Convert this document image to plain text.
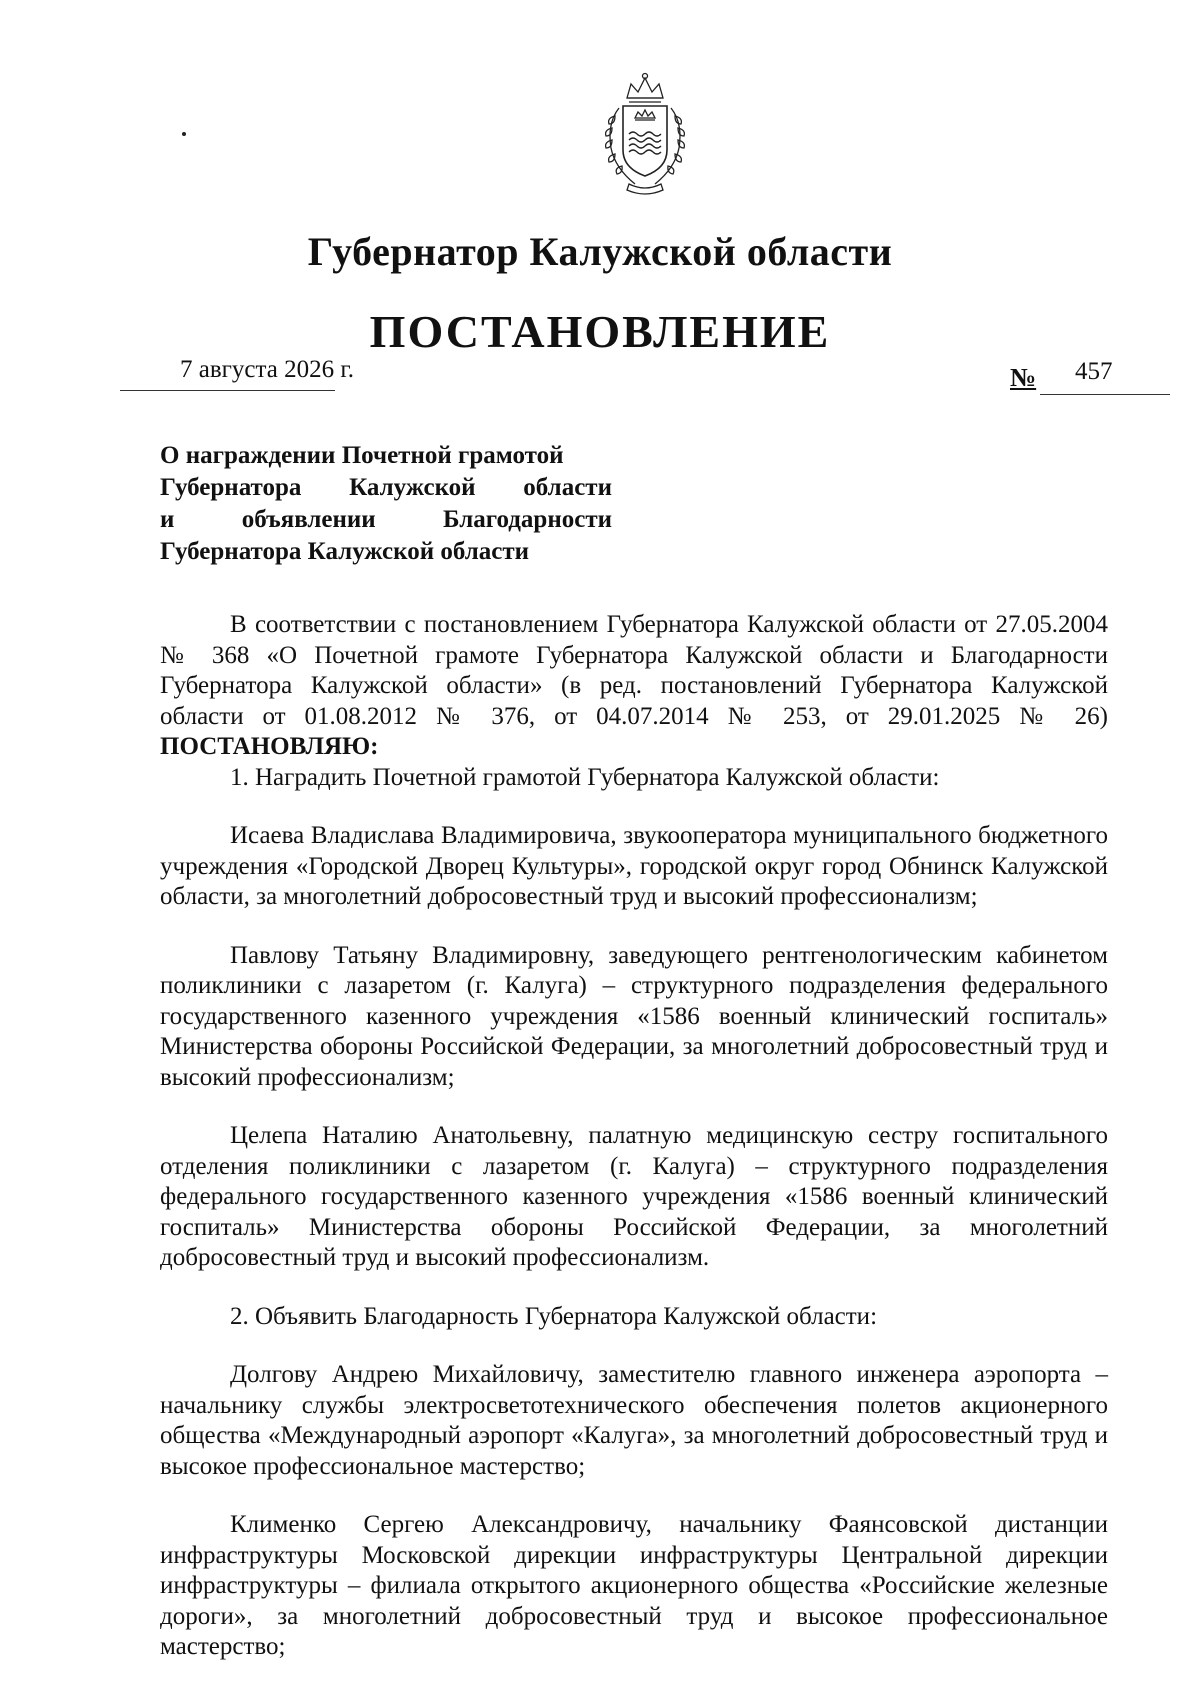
Губернатор Калужской области
ПОСТАНОВЛЕНИЕ
7 августа 2026 г.	№ 457
О награждении Почетной грамотой
Губернатора Калужской области
и объявлении Благодарности
Губернатора Калужской области

В соответствии с постановлением Губернатора Калужской области от 27.05.2004 № 368 «О Почетной грамоте Губернатора Калужской области и Благодарности Губернатора Калужской области» (в ред. постановлений Губернатора Калужской области от 01.08.2012 № 376, от 04.07.2014 № 253, от 29.01.2025 № 26) ПОСТАНОВЛЯЮ:

1. Наградить Почетной грамотой Губернатора Калужской области:

Исаева Владислава Владимировича, звукооператора муниципального бюджетного учреждения «Городской Дворец Культуры», городской округ город Обнинск Калужской области, за многолетний добросовестный труд и высокий профессионализм;

Павлову Татьяну Владимировну, заведующего рентгенологическим кабинетом поликлиники с лазаретом (г. Калуга) – структурного подразделения федерального государственного казенного учреждения «1586 военный клинический госпиталь» Министерства обороны Российской Федерации, за многолетний добросовестный труд и высокий профессионализм;

Целепа Наталию Анатольевну, палатную медицинскую сестру госпитального отделения поликлиники с лазаретом (г. Калуга) – структурного подразделения федерального государственного казенного учреждения «1586 военный клинический госпиталь» Министерства обороны Российской Федерации, за многолетний добросовестный труд и высокий профессионализм.

2. Объявить Благодарность Губернатора Калужской области:

Долгову Андрею Михайловичу, заместителю главного инженера аэропорта – начальнику службы электросветотехнического обеспечения полетов акционерного общества «Международный аэропорт «Калуга», за многолетний добросовестный труд и высокое профессиональное мастерство;

Клименко Сергею Александровичу, начальнику Фаянсовской дистанции инфраструктуры Московской дирекции инфраструктуры Центральной дирекции инфраструктуры – филиала открытого акционерного общества «Российские железные дороги», за многолетний добросовестный труд и высокое профессиональное мастерство;
